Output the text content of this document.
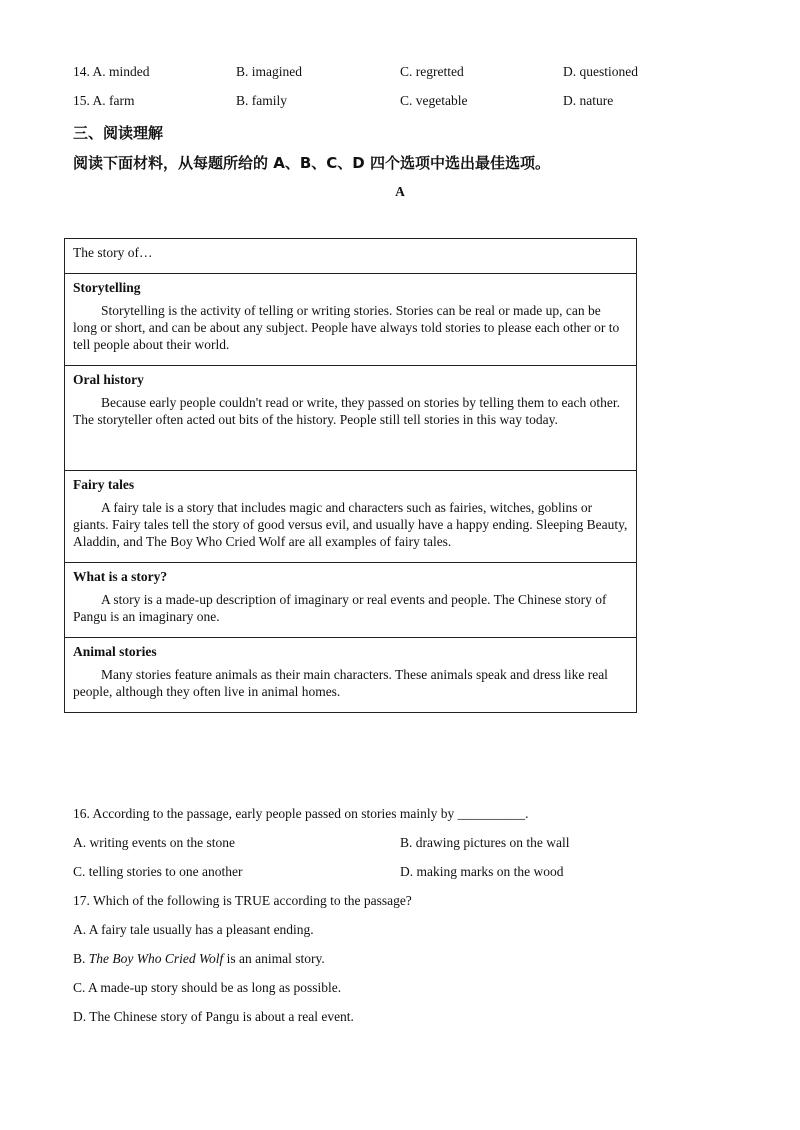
14. A. minded	B. imagined	C. regretted	D. questioned
15. A. farm	B. family	C. vegetable	D. nature
三、阅读理解
阅读下面材料，从每题所给的 A、B、C、D 四个选项中选出最佳选项。
A
The story of…

Storytelling
Storytelling is the activity of telling or writing stories. Stories can be real or made up, can be long or short, and can be about any subject. People have always told stories to please each other or to tell people about their world.

Oral history
Because early people couldn't read or write, they passed on stories by telling them to each other. The storyteller often acted out bits of the history. People still tell stories in this way today.

Fairy tales
A fairy tale is a story that includes magic and characters such as fairies, witches, goblins or giants. Fairy tales tell the story of good versus evil, and usually have a happy ending. Sleeping Beauty, Aladdin, and The Boy Who Cried Wolf are all examples of fairy tales.

What is a story?
A story is a made-up description of imaginary or real events and people. The Chinese story of Pangu is an imaginary one.

Animal stories
Many stories feature animals as their main characters. These animals speak and dress like real people, although they often live in animal homes.
16. According to the passage, early people passed on stories mainly by __________.
A. writing events on the stone	B. drawing pictures on the wall
C. telling stories to one another	D. making marks on the wood
17. Which of the following is TRUE according to the passage?
A. A fairy tale usually has a pleasant ending.
B. The Boy Who Cried Wolf is an animal story.
C. A made-up story should be as long as possible.
D. The Chinese story of Pangu is about a real event.
